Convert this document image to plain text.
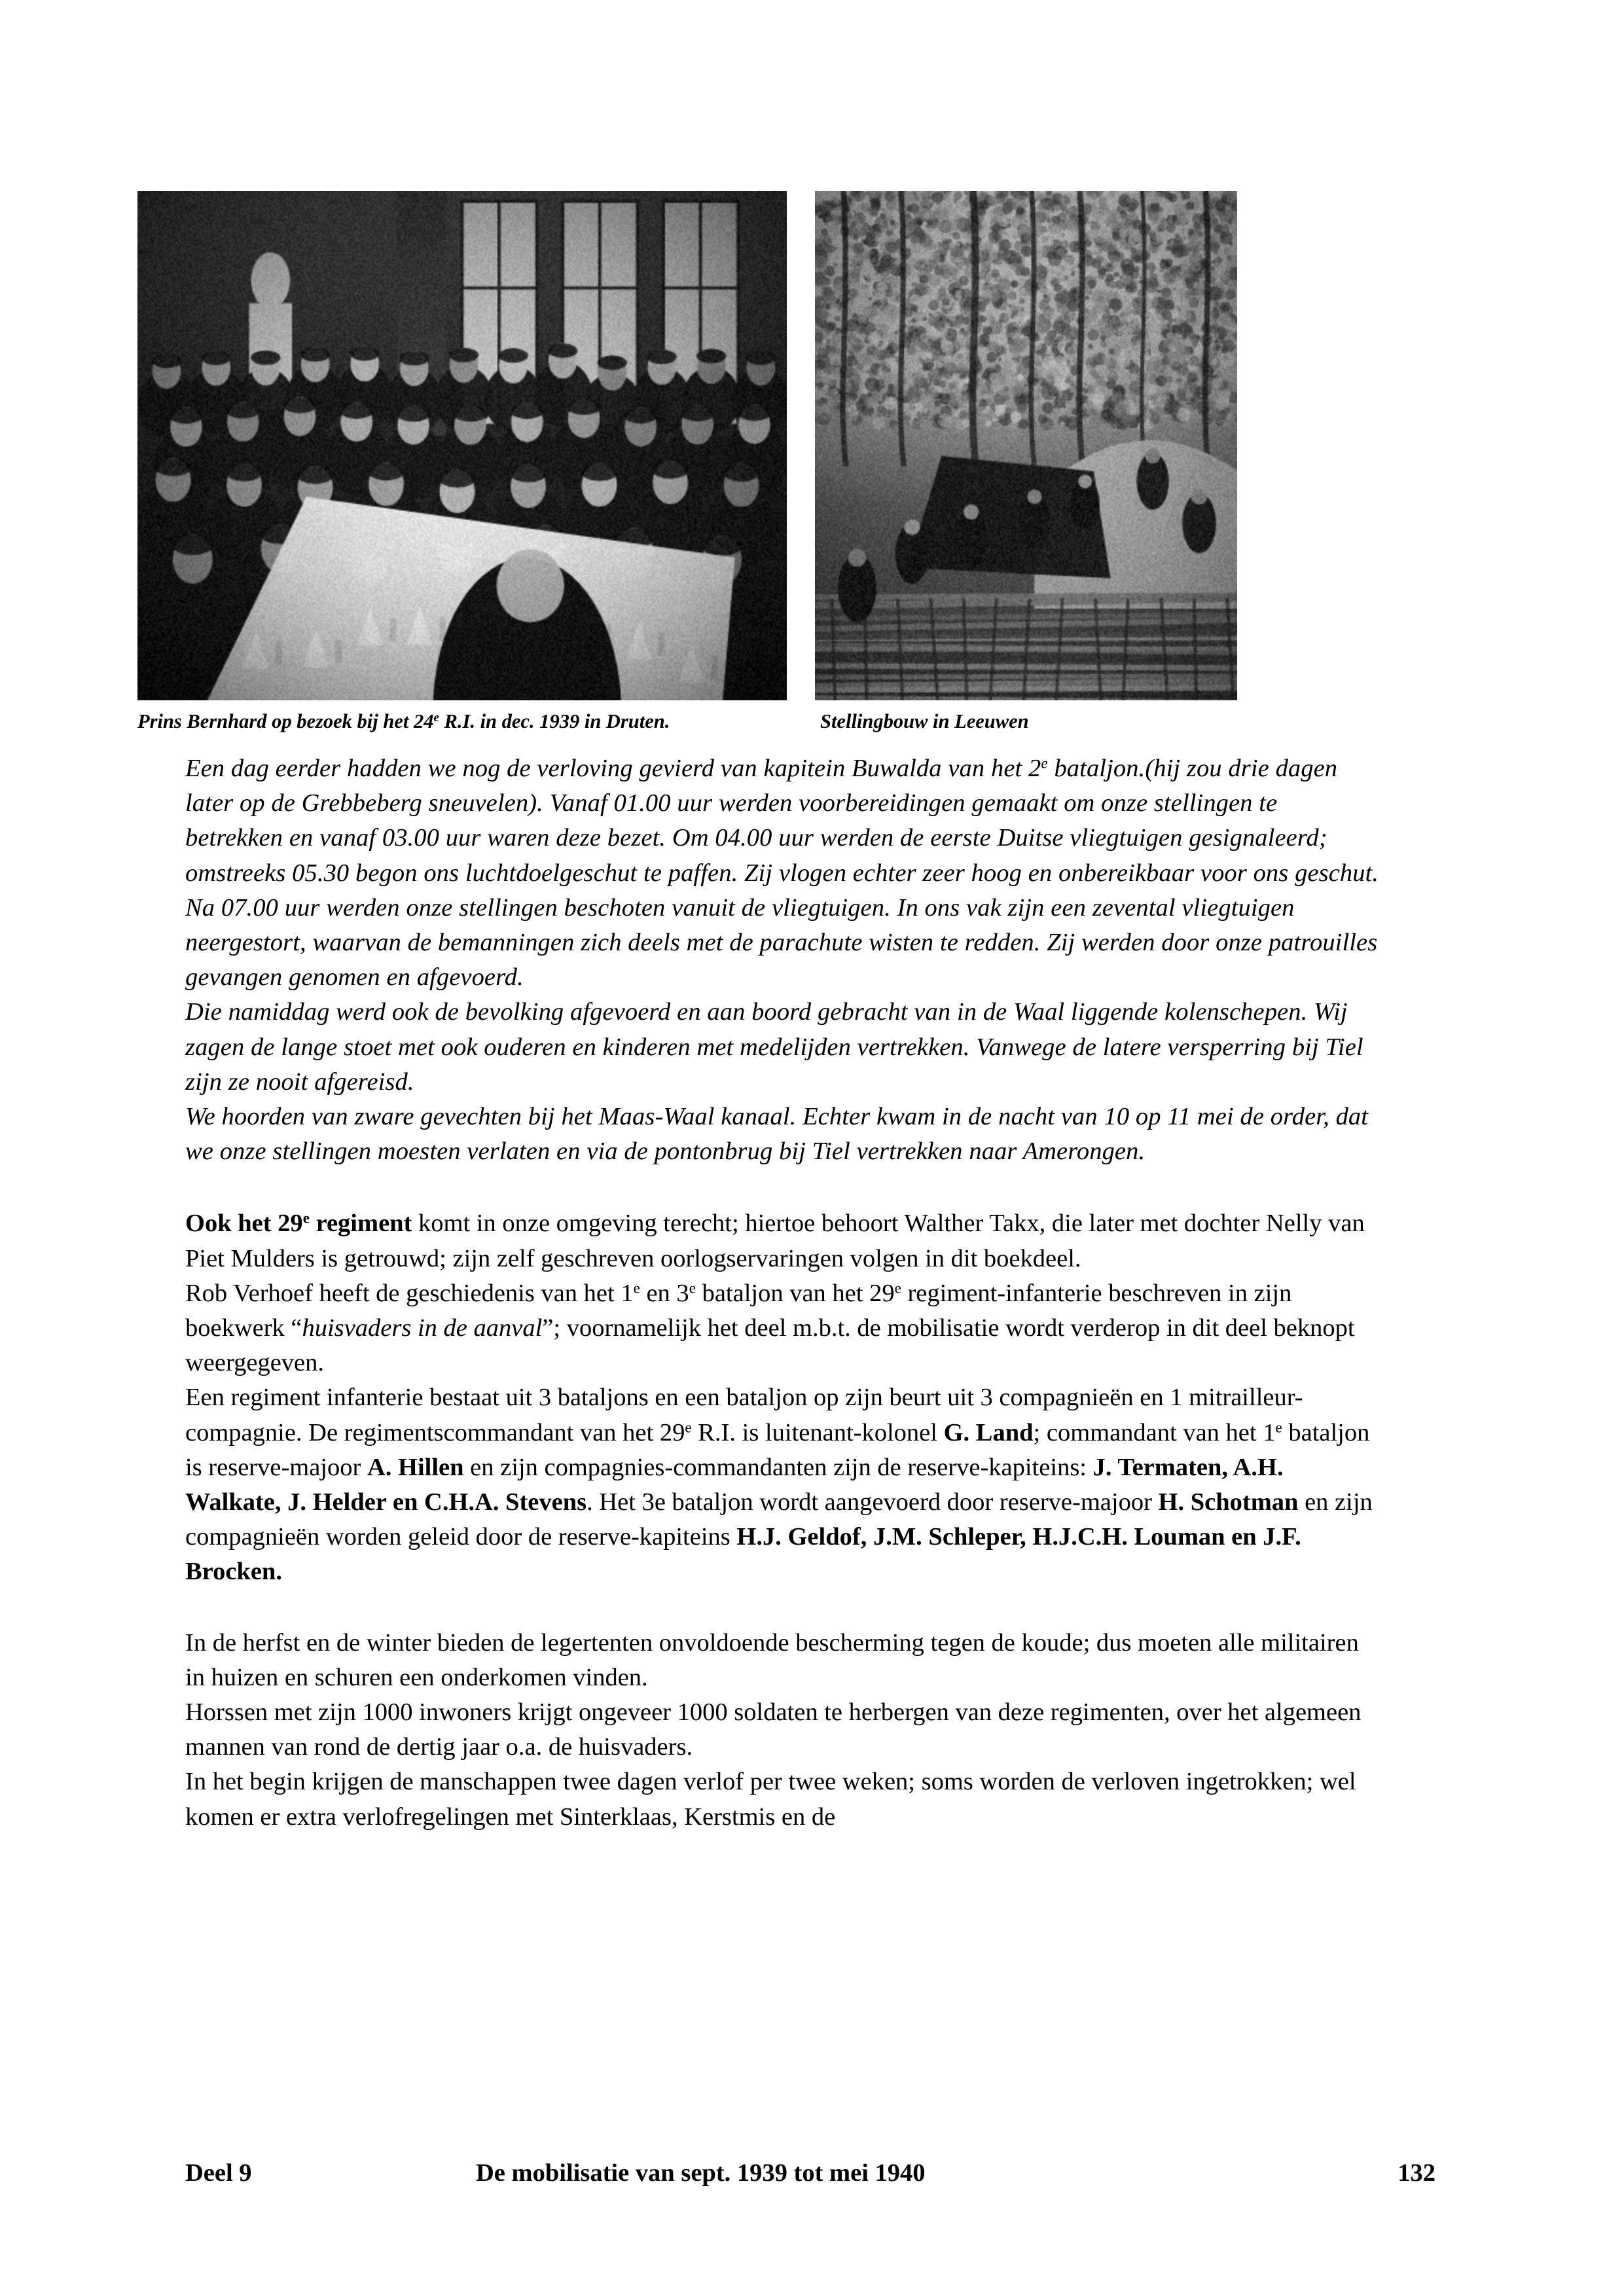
Prins Bernhard op bezoek bij het 24e R.I. in dec. 1939 in Druten.	Stellingbouw in Leeuwen

Een dag eerder hadden we nog de verloving gevierd van kapitein Buwalda van het 2e bataljon.(hij zou drie dagen later op de Grebbeberg sneuvelen). Vanaf 01.00 uur werden voorbereidingen gemaakt om onze stellingen te betrekken en vanaf 03.00 uur waren deze bezet. Om 04.00 uur werden de eerste Duitse vliegtuigen gesignaleerd; omstreeks 05.30 begon ons luchtdoelgeschut te paffen. Zij vlogen echter zeer hoog en onbereikbaar voor ons geschut. Na 07.00 uur werden onze stellingen beschoten vanuit de vliegtuigen. In ons vak zijn een zevental vliegtuigen neergestort, waarvan de bemanningen zich deels met de parachute wisten te redden. Zij werden door onze patrouilles gevangen genomen en afgevoerd.

Die namiddag werd ook de bevolking afgevoerd en aan boord gebracht van in de Waal liggende kolenschepen. Wij zagen de lange stoet met ook ouderen en kinderen met medelijden vertrekken. Vanwege de latere versperring bij Tiel zijn ze nooit afgereisd.

We hoorden van zware gevechten bij het Maas-Waal kanaal. Echter kwam in de nacht van 10 op 11 mei de order, dat we onze stellingen moesten verlaten en via de pontonbrug bij Tiel vertrekken naar Amerongen.

Ook het 29e regiment komt in onze omgeving terecht; hiertoe behoort Walther Takx, die later met dochter Nelly van Piet Mulders is getrouwd; zijn zelf geschreven oorlogservaringen volgen in dit boekdeel.

Rob Verhoef heeft de geschiedenis van het 1e en 3e bataljon van het 29e regiment-infanterie beschreven in zijn boekwerk “huisvaders in de aanval”; voornamelijk het deel m.b.t. de mobilisatie wordt verderop in dit deel beknopt weergegeven.

Een regiment infanterie bestaat uit 3 bataljons en een bataljon op zijn beurt uit 3 compagnieën en 1 mitrailleur-compagnie. De regimentscommandant van het 29e R.I. is luitenant-kolonel G. Land; commandant van het 1e bataljon is reserve-majoor A. Hillen en zijn compagnies-commandanten zijn de reserve-kapiteins: J. Termaten, A.H. Walkate, J. Helder en C.H.A. Stevens. Het 3e bataljon wordt aangevoerd door reserve-majoor H. Schotman en zijn compagnieën worden geleid door de reserve-kapiteins H.J. Geldof, J.M. Schleper, H.J.C.H. Louman en J.F. Brocken.

In de herfst en de winter bieden de legertenten onvoldoende bescherming tegen de koude; dus moeten alle militairen in huizen en schuren een onderkomen vinden.

Horssen met zijn 1000 inwoners krijgt ongeveer 1000 soldaten te herbergen van deze regimenten, over het algemeen mannen van rond de dertig jaar o.a. de huisvaders.

In het begin krijgen de manschappen twee dagen verlof per twee weken; soms worden de verloven ingetrokken; wel komen er extra verlofregelingen met Sinterklaas, Kerstmis en de

Deel 9	De mobilisatie van sept. 1939 tot mei 1940	132
